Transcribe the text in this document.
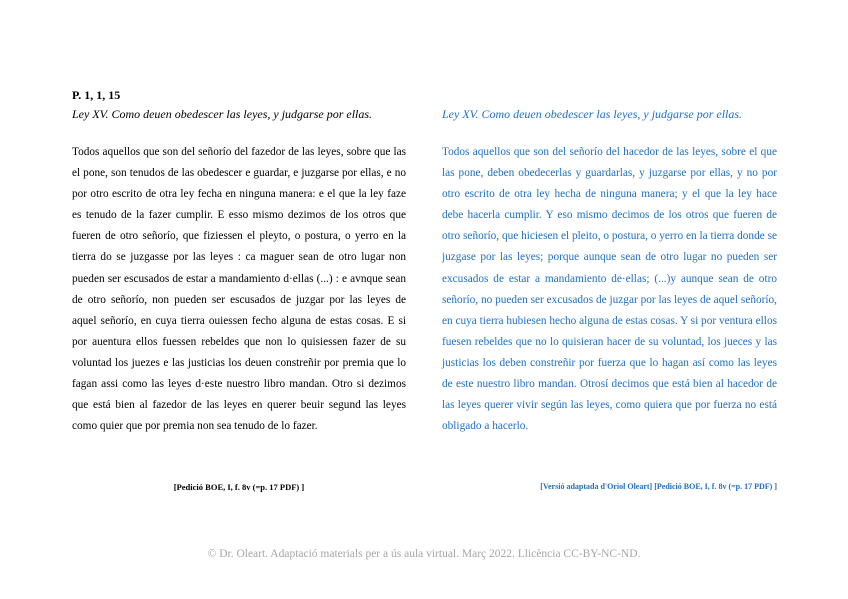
P. 1, 1, 15
Ley XV. Como deuen obedescer las leyes, y judgarse por ellas.	Ley XV. Como deuen obedescer las leyes, y judgarse por ellas.

Todos aquellos que son del señorío del fazedor de las leyes, sobre que las el pone, son tenudos de las obedescer e guardar, e juzgarse por ellas, e no por otro escrito de otra ley fecha en ninguna manera: e el que la ley faze es tenudo de la fazer cumplir. E esso mismo dezimos de los otros que fueren de otro señorío, que fiziessen el pleyto, o postura, o yerro en la tierra do se juzgasse por las leyes : ca maguer sean de otro lugar non pueden ser escusados de estar a mandamiento d·ellas (...) : e avnque sean de otro señorío, non pueden ser escusados de juzgar por las leyes de aquel señorío, en cuya tierra ouiessen fecho alguna de estas cosas. E si por auentura ellos fuessen rebeldes que non lo quisiessen fazer de su voluntad los juezes e las justicias los deuen constreñir por premia que lo fagan assi como las leyes d·este nuestro libro mandan. Otro si dezimos que está bien al fazedor de las leyes en querer beuir segund las leyes como quier que por premia non sea tenudo de lo fazer.

Todos aquellos que son del señorío del hacedor de las leyes, sobre el que las pone, deben obedecerlas y guardarlas, y juzgarse por ellas, y no por otro escrito de otra ley hecha de ninguna manera; y el que la ley hace debe hacerla cumplir. Y eso mismo decimos de los otros que fueren de otro señorío, que hiciesen el pleito, o postura, o yerro en la tierra donde se juzgase por las leyes; porque aunque sean de otro lugar no pueden ser excusados de estar a mandamiento de·ellas; (...)y aunque sean de otro señorío, no pueden ser excusados de juzgar por las leyes de aquel señorío, en cuya tierra hubiesen hecho alguna de estas cosas. Y si por ventura ellos fuesen rebeldes que no lo quisieran hacer de su voluntad, los jueces y las justicias los deben constreñir por fuerza que lo hagan así como las leyes de este nuestro libro mandan. Otrosí decimos que está bien al hacedor de las leyes querer vivir según las leyes, como quiera que por fuerza no está obligado a hacerlo.

[Pedició BOE, I, f. 8v (=p. 17 PDF) ]	[Versió adaptada d'Oriol Oleart] [Pedició BOE, I, f. 8v (=p. 17 PDF) ]
© Dr. Oleart. Adaptació materials per a ús aula virtual. Març 2022. Llicència CC-BY-NC-ND.
